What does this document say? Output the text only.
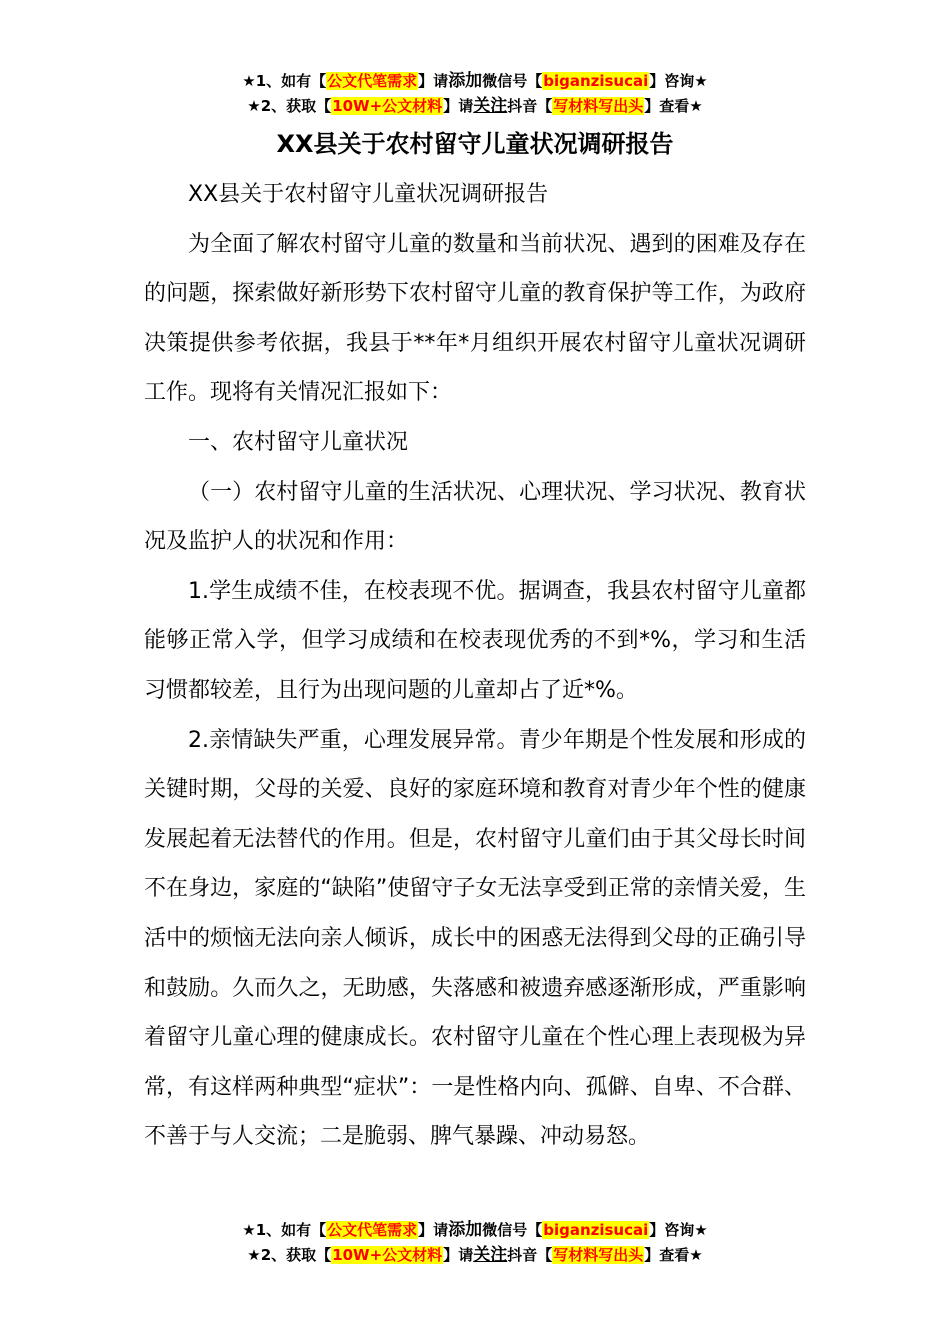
★1、如有【公文代笔需求】请添加微信号【biganzisucai】咨询★
★2、获取【10W+公文材料】请关注抖音【写材料写出头】查看★
XX县关于农村留守儿童状况调研报告

XX县关于农村留守儿童状况调研报告

为全面了解农村留守儿童的数量和当前状况、遇到的困难及存在的问题，探索做好新形势下农村留守儿童的教育保护等工作，为政府决策提供参考依据，我县于**年*月组织开展农村留守儿童状况调研工作。现将有关情况汇报如下：

一、农村留守儿童状况

（一）农村留守儿童的生活状况、心理状况、学习状况、教育状况及监护人的状况和作用：

1.学生成绩不佳，在校表现不优。据调查，我县农村留守儿童都能够正常入学，但学习成绩和在校表现优秀的不到*%，学习和生活习惯都较差，且行为出现问题的儿童却占了近*%。

2.亲情缺失严重，心理发展异常。青少年期是个性发展和形成的关键时期，父母的关爱、良好的家庭环境和教育对青少年个性的健康发展起着无法替代的作用。但是，农村留守儿童们由于其父母长时间不在身边，家庭的“缺陷”使留守子女无法享受到正常的亲情关爱，生活中的烦恼无法向亲人倾诉，成长中的困惑无法得到父母的正确引导和鼓励。久而久之，无助感，失落感和被遗弃感逐渐形成，严重影响着留守儿童心理的健康成长。农村留守儿童在个性心理上表现极为异常，有这样两种典型“症状”：一是性格内向、孤僻、自卑、不合群、不善于与人交流；二是脆弱、脾气暴躁、冲动易怒。

★1、如有【公文代笔需求】请添加微信号【biganzisucai】咨询★
★2、获取【10W+公文材料】请关注抖音【写材料写出头】查看★
